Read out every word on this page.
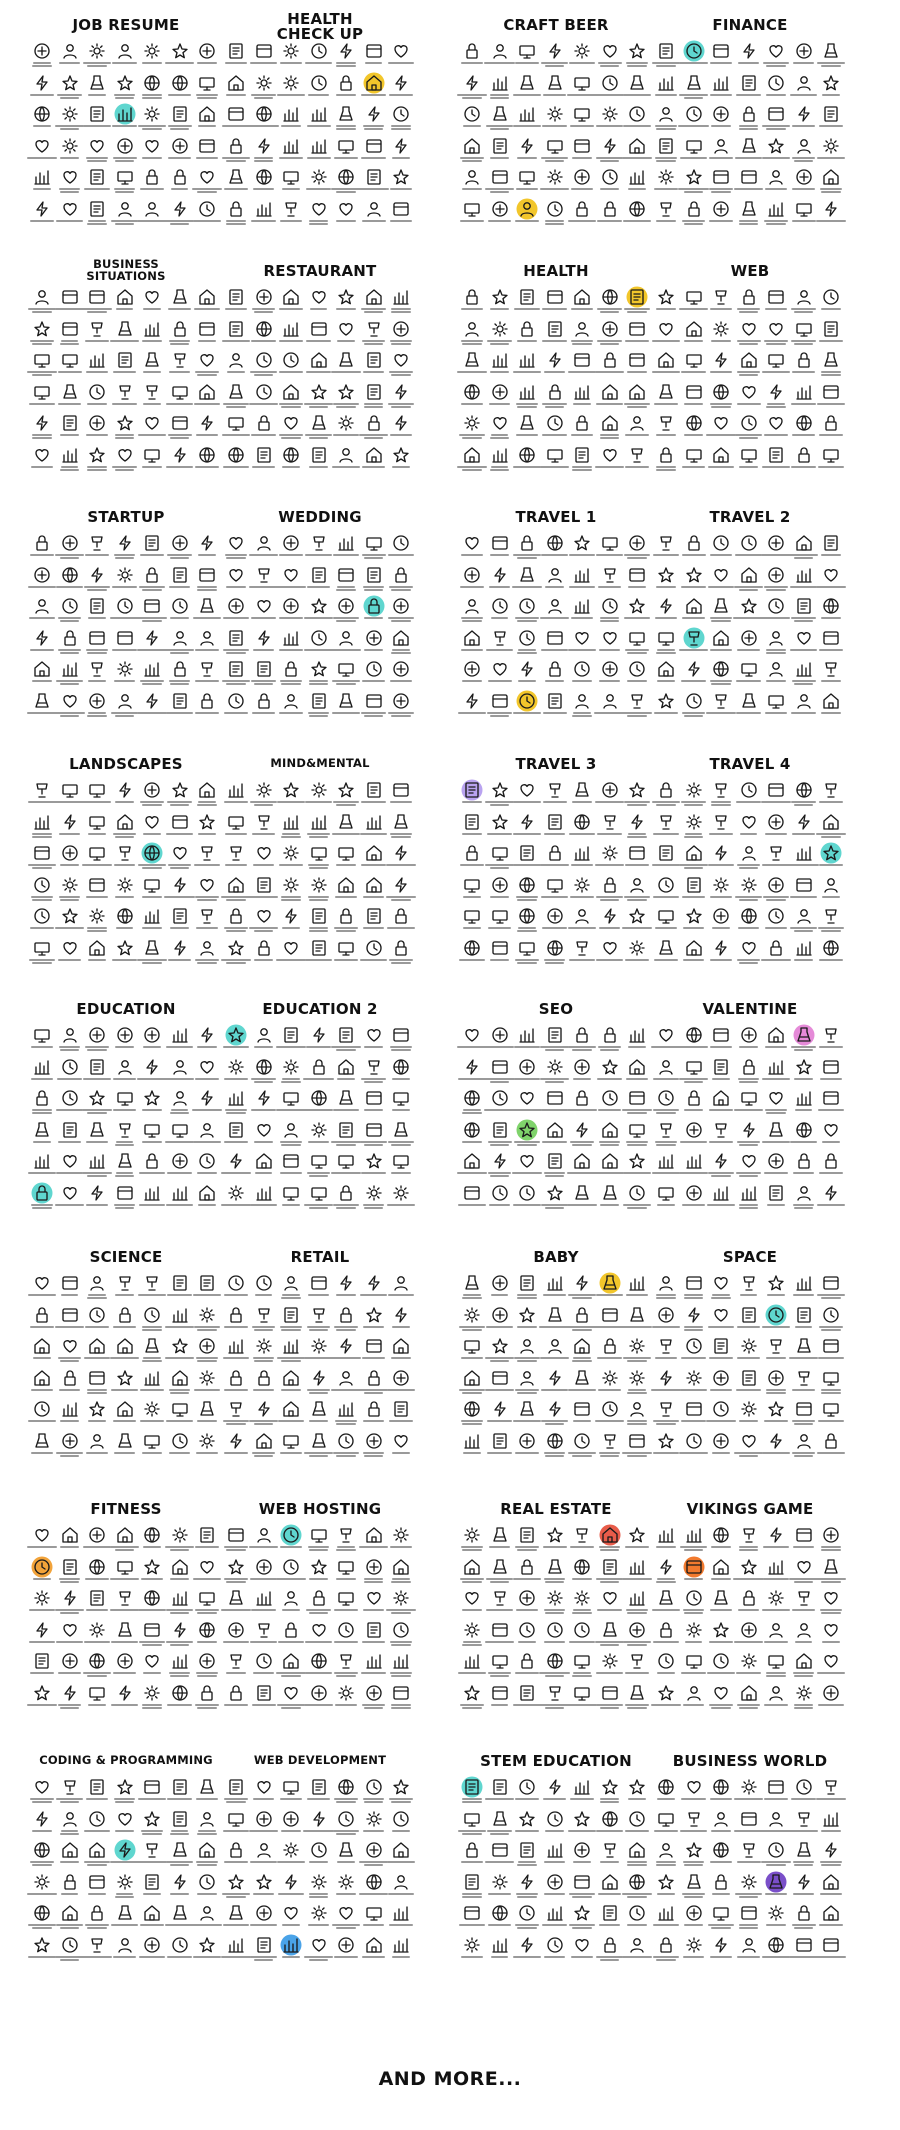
JOB RESUME	HEALTH
CHECK UP	CRAFT BEER	FINANCE
BUSINESS
SITUATIONS	RESTAURANT	HEALTH	WEB
STARTUP	WEDDING	TRAVEL 1	TRAVEL 2
LANDSCAPES	MIND&MENTAL	TRAVEL 3	TRAVEL 4
EDUCATION	EDUCATION 2	SEO	VALENTINE
SCIENCE	RETAIL	BABY	SPACE
FITNESS	WEB HOSTING	REAL ESTATE	VIKINGS GAME
CODING & PROGRAMMING	WEB DEVELOPMENT	STEM EDUCATION	BUSINESS WORLD
AND MORE...
